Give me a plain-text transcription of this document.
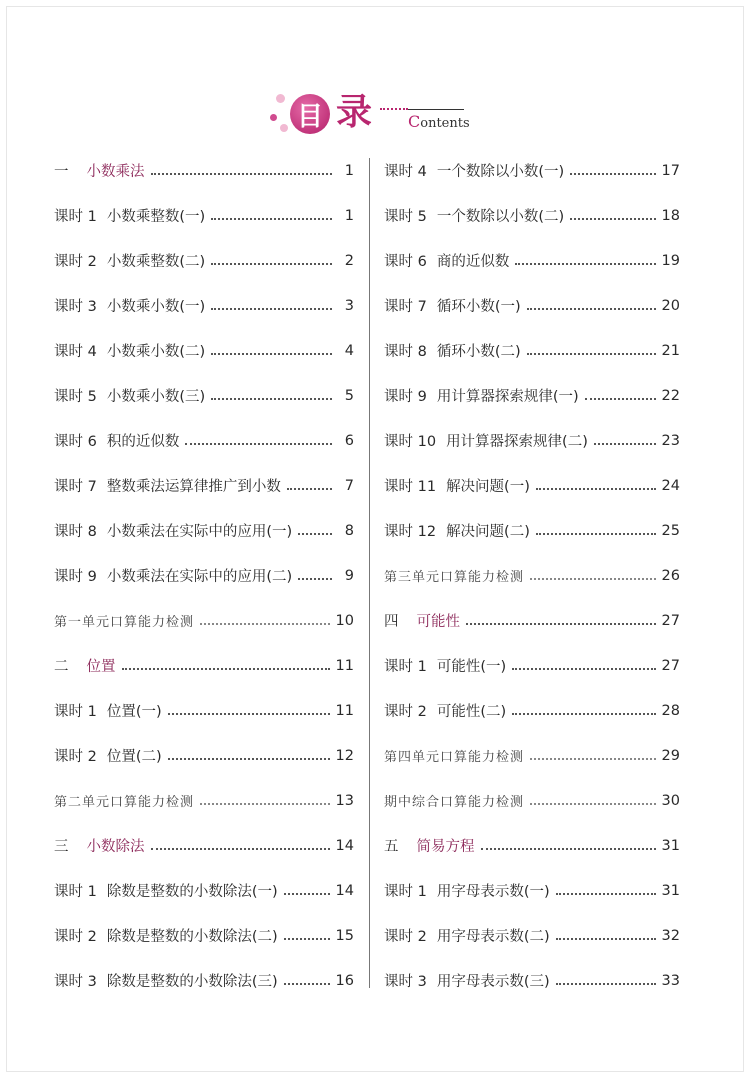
目 录 Contents
一 小数乘法	1
课时 1 小数乘整数(一)	1
课时 2 小数乘整数(二)	2
课时 3 小数乘小数(一)	3
课时 4 小数乘小数(二)	4
课时 5 小数乘小数(三)	5
课时 6 积的近似数	6
课时 7 整数乘法运算律推广到小数	7
课时 8 小数乘法在实际中的应用(一)	8
课时 9 小数乘法在实际中的应用(二)	9
第一单元口算能力检测	10
二 位置	11
课时 1 位置(一)	11
课时 2 位置(二)	12
第二单元口算能力检测	13
三 小数除法	14
课时 1 除数是整数的小数除法(一)	14
课时 2 除数是整数的小数除法(二)	15
课时 3 除数是整数的小数除法(三)	16
课时 4 一个数除以小数(一)	17
课时 5 一个数除以小数(二)	18
课时 6 商的近似数	19
课时 7 循环小数(一)	20
课时 8 循环小数(二)	21
课时 9 用计算器探索规律(一)	22
课时 10 用计算器探索规律(二)	23
课时 11 解决问题(一)	24
课时 12 解决问题(二)	25
第三单元口算能力检测	26
四 可能性	27
课时 1 可能性(一)	27
课时 2 可能性(二)	28
第四单元口算能力检测	29
期中综合口算能力检测	30
五 简易方程	31
课时 1 用字母表示数(一)	31
课时 2 用字母表示数(二)	32
课时 3 用字母表示数(三)	33
